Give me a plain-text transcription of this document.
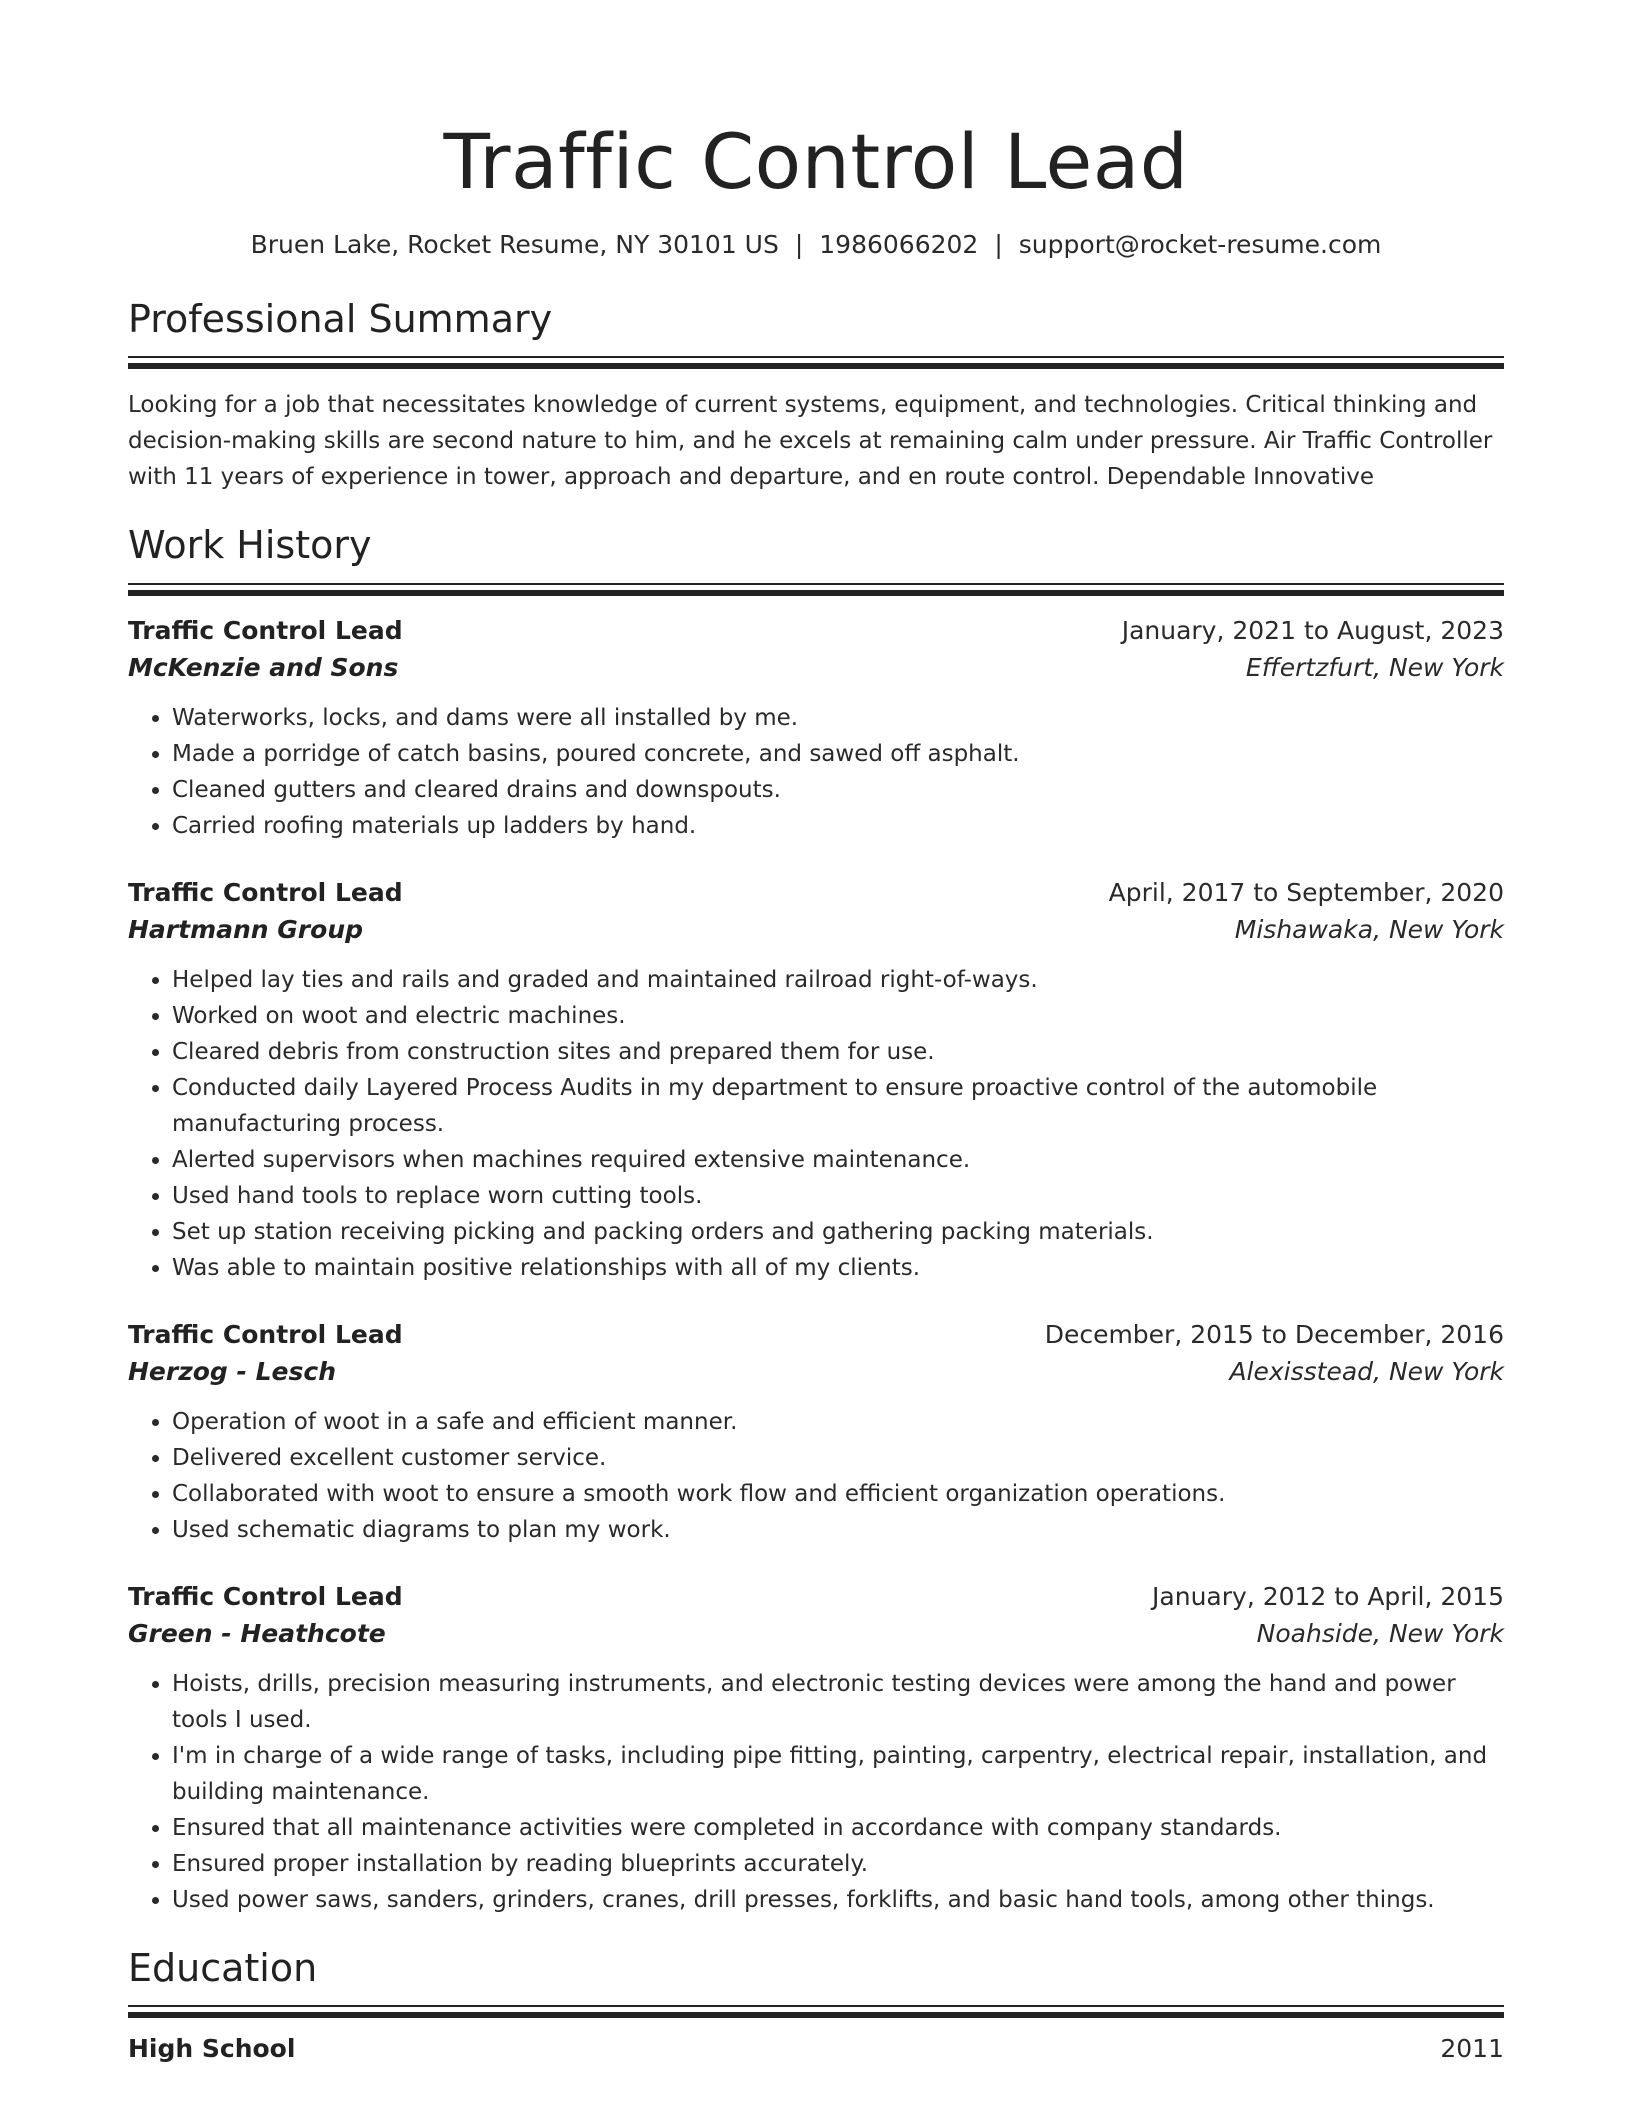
Traffic Control Lead
Bruen Lake, Rocket Resume, NY 30101 US | 1986066202 | support@rocket-resume.com
Professional Summary
Looking for a job that necessitates knowledge of current systems, equipment, and technologies. Critical thinking and decision-making skills are second nature to him, and he excels at remaining calm under pressure. Air Traffic Controller with 11 years of experience in tower, approach and departure, and en route control. Dependable Innovative
Work History
Traffic Control Lead	January, 2021 to August, 2023
McKenzie and Sons	Effertzfurt, New York
• Waterworks, locks, and dams were all installed by me.
• Made a porridge of catch basins, poured concrete, and sawed off asphalt.
• Cleaned gutters and cleared drains and downspouts.
• Carried roofing materials up ladders by hand.
Traffic Control Lead	April, 2017 to September, 2020
Hartmann Group	Mishawaka, New York
• Helped lay ties and rails and graded and maintained railroad right-of-ways.
• Worked on woot and electric machines.
• Cleared debris from construction sites and prepared them for use.
• Conducted daily Layered Process Audits in my department to ensure proactive control of the automobile manufacturing process.
• Alerted supervisors when machines required extensive maintenance.
• Used hand tools to replace worn cutting tools.
• Set up station receiving picking and packing orders and gathering packing materials.
• Was able to maintain positive relationships with all of my clients.
Traffic Control Lead	December, 2015 to December, 2016
Herzog - Lesch	Alexisstead, New York
• Operation of woot in a safe and efficient manner.
• Delivered excellent customer service.
• Collaborated with woot to ensure a smooth work flow and efficient organization operations.
• Used schematic diagrams to plan my work.
Traffic Control Lead	January, 2012 to April, 2015
Green - Heathcote	Noahside, New York
• Hoists, drills, precision measuring instruments, and electronic testing devices were among the hand and power tools I used.
• I'm in charge of a wide range of tasks, including pipe fitting, painting, carpentry, electrical repair, installation, and building maintenance.
• Ensured that all maintenance activities were completed in accordance with company standards.
• Ensured proper installation by reading blueprints accurately.
• Used power saws, sanders, grinders, cranes, drill presses, forklifts, and basic hand tools, among other things.
Education
High School	2011
